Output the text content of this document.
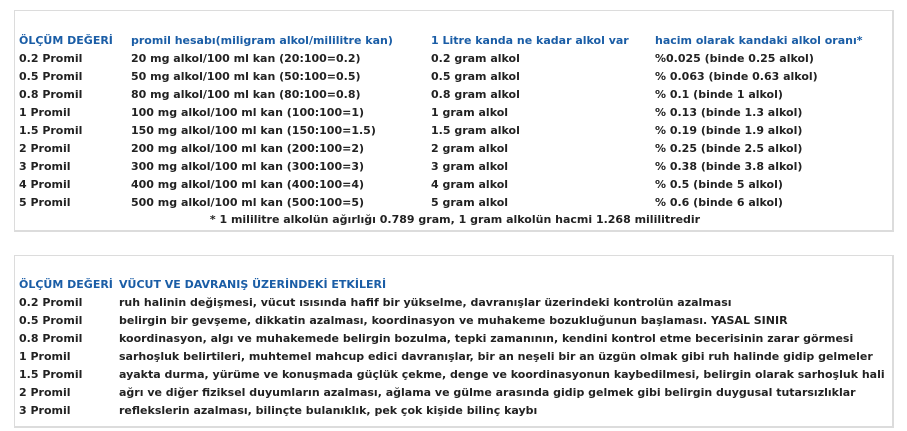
ÖLÇÜM DEĞERİ	promil hesabı(miligram alkol/mililitre kan)	1 Litre kanda ne kadar alkol var	hacim olarak kandaki alkol oranı*
0.2 Promil	20 mg alkol/100 ml kan (20:100=0.2)	0.2 gram alkol	%0.025 (binde 0.25 alkol)
0.5 Promil	50 mg alkol/100 ml kan (50:100=0.5)	0.5 gram alkol	% 0.063 (binde 0.63 alkol)
0.8 Promil	80 mg alkol/100 ml kan (80:100=0.8)	0.8 gram alkol	% 0.1 (binde 1 alkol)
1 Promil	100 mg alkol/100 ml kan (100:100=1)	1 gram alkol	% 0.13 (binde 1.3 alkol)
1.5 Promil	150 mg alkol/100 ml kan (150:100=1.5)	1.5 gram alkol	% 0.19 (binde 1.9 alkol)
2 Promil	200 mg alkol/100 ml kan (200:100=2)	2 gram alkol	% 0.25 (binde 2.5 alkol)
3 Promil	300 mg alkol/100 ml kan (300:100=3)	3 gram alkol	% 0.38 (binde 3.8 alkol)
4 Promil	400 mg alkol/100 ml kan (400:100=4)	4 gram alkol	% 0.5 (binde 5 alkol)
5 Promil	500 mg alkol/100 ml kan (500:100=5)	5 gram alkol	% 0.6 (binde 6 alkol)
* 1 mililitre alkolün ağırlığı 0.789 gram, 1 gram alkolün hacmi 1.268 mililitredir
ÖLÇÜM DEĞERİ	VÜCUT VE DAVRANIŞ ÜZERİNDEKİ ETKİLERİ
0.2 Promil	ruh halinin değişmesi, vücut ısısında hafif bir yükselme, davranışlar üzerindeki kontrolün azalması
0.5 Promil	belirgin bir gevşeme, dikkatin azalması, koordinasyon ve muhakeme bozukluğunun başlaması. YASAL SINIR
0.8 Promil	koordinasyon, algı ve muhakemede belirgin bozulma, tepki zamanının, kendini kontrol etme becerisinin zarar görmesi
1 Promil	sarhoşluk belirtileri, muhtemel mahcup edici davranışlar, bir an neşeli bir an üzgün olmak gibi ruh halinde gidip gelmeler
1.5 Promil	ayakta durma, yürüme ve konuşmada güçlük çekme, denge ve koordinasyonun kaybedilmesi, belirgin olarak sarhoşluk hali
2 Promil	ağrı ve diğer fiziksel duyumların azalması, ağlama ve gülme arasında gidip gelmek gibi belirgin duygusal tutarsızlıklar
3 Promil	reflekslerin azalması, bilinçte bulanıklık, pek çok kişide bilinç kaybı
